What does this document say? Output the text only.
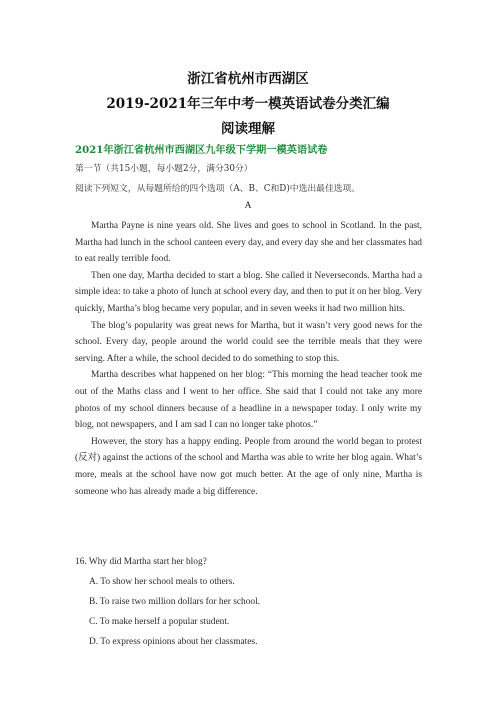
浙江省杭州市西湖区
2019-2021年三年中考一模英语试卷分类汇编
阅读理解
2021年浙江省杭州市西湖区九年级下学期一模英语试卷
第一节（共15小题，每小题2分，满分30分）
阅读下列短文，从每题所给的四个选项（A、B、C和D)中选出最佳选项。
A

Martha Payne is nine years old. She lives and goes to school in Scotland. In the past, Martha had lunch in the school canteen every day, and every day she and her classmates had to eat really terrible food.

Then one day, Martha decided to start a blog. She called it Neverseconds. Martha had a simple idea: to take a photo of lunch at school every day, and then to put it on her blog. Very quickly, Martha’s blog became very popular, and in seven weeks it had two million hits.

The blog’s popularity was great news for Martha, but it wasn’t very good news for the school. Every day, people around the world could see the terrible meals that they were serving. After a while, the school decided to do something to stop this.

Martha describes what happened on her blog: “This morning the head teacher took me out of the Maths class and I went to her office. She said that I could not take any more photos of my school dinners because of a headline in a newspaper today. I only write my blog, not newspapers, and I am sad I can no longer take photos.”

However, the story has a happy ending. People from around the world began to protest (反对) against the actions of the school and Martha was able to write her blog again. What’s more, meals at the school have now got much better. At the age of only nine, Martha is someone who has already made a big difference.

16. Why did Martha start her blog?
A. To show her school meals to others.
B. To raise two million dollars for her school.
C. To make herself a popular student.
D. To express opinions about her classmates.
